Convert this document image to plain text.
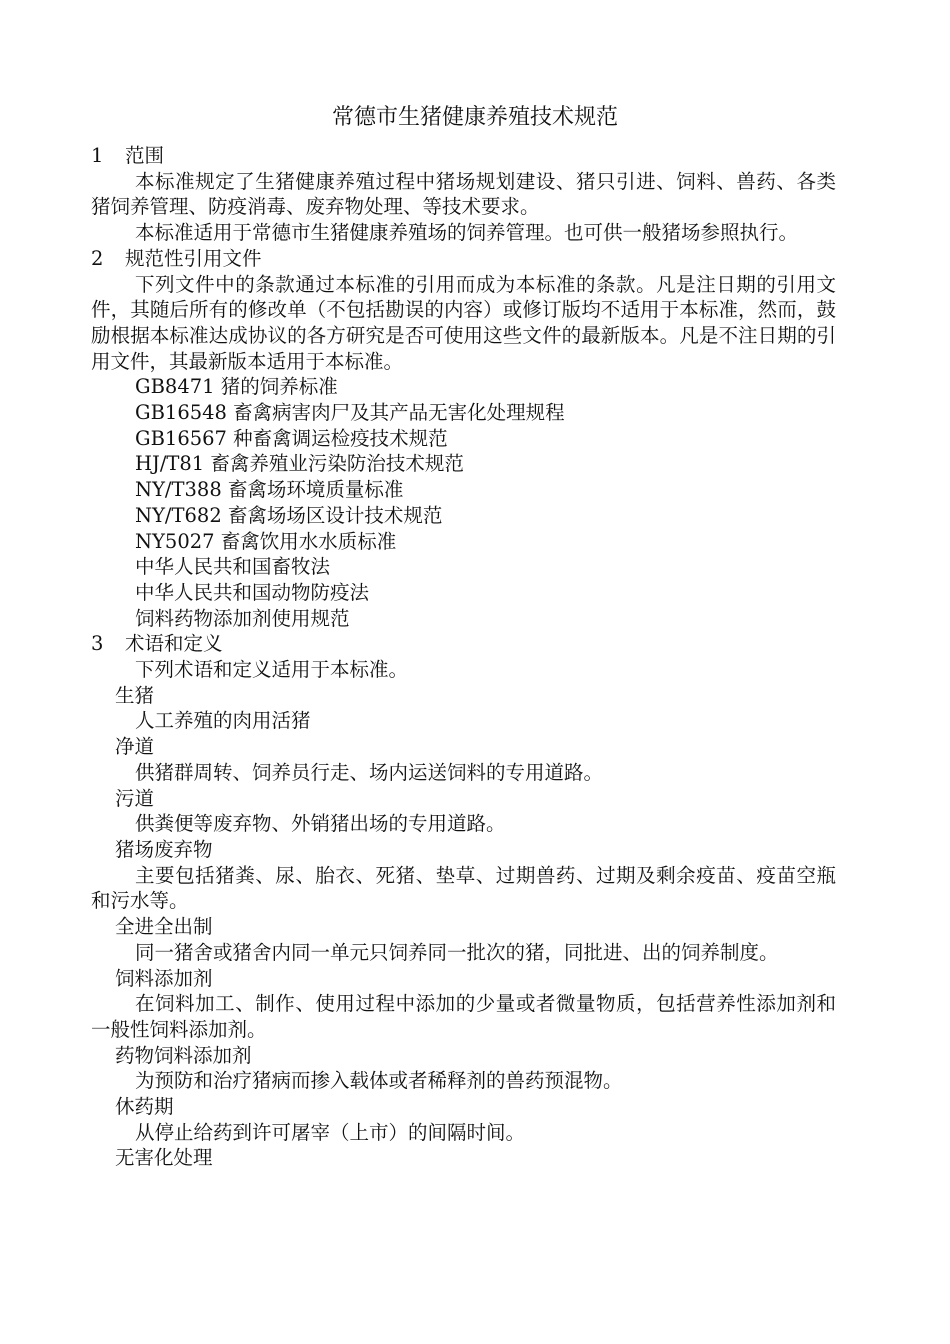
常德市生猪健康养殖技术规范
1 范围
本标准规定了生猪健康养殖过程中猪场规划建设、猪只引进、饲料、兽药、各类猪饲养管理、防疫消毒、废弃物处理、等技术要求。
本标准适用于常德市生猪健康养殖场的饲养管理。也可供一般猪场参照执行。
2 规范性引用文件
下列文件中的条款通过本标准的引用而成为本标准的条款。凡是注日期的引用文件，其随后所有的修改单（不包括勘误的内容）或修订版均不适用于本标准，然而，鼓励根据本标准达成协议的各方研究是否可使用这些文件的最新版本。凡是不注日期的引用文件，其最新版本适用于本标准。
GB8471 猪的饲养标准
GB16548 畜禽病害肉尸及其产品无害化处理规程
GB16567 种畜禽调运检疫技术规范
HJ/T81 畜禽养殖业污染防治技术规范
NY/T388 畜禽场环境质量标准
NY/T682 畜禽场场区设计技术规范
NY5027 畜禽饮用水水质标准
中华人民共和国畜牧法
中华人民共和国动物防疫法
饲料药物添加剂使用规范
3 术语和定义
下列术语和定义适用于本标准。
生猪
人工养殖的肉用活猪
净道
供猪群周转、饲养员行走、场内运送饲料的专用道路。
污道
供粪便等废弃物、外销猪出场的专用道路。
猪场废弃物
主要包括猪粪、尿、胎衣、死猪、垫草、过期兽药、过期及剩余疫苗、疫苗空瓶和污水等。
全进全出制
同一猪舍或猪舍内同一单元只饲养同一批次的猪，同批进、出的饲养制度。
饲料添加剂
在饲料加工、制作、使用过程中添加的少量或者微量物质，包括营养性添加剂和一般性饲料添加剂。
药物饲料添加剂
为预防和治疗猪病而掺入载体或者稀释剂的兽药预混物。
休药期
从停止给药到许可屠宰（上市）的间隔时间。
无害化处理
